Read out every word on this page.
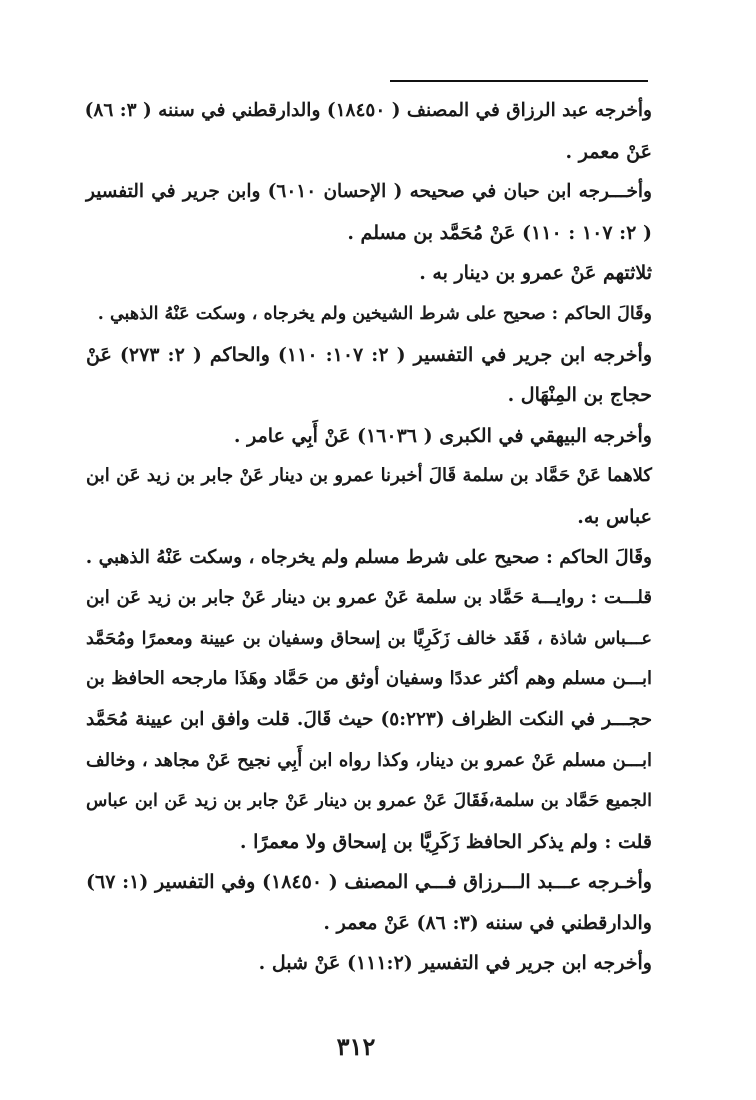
وأخرجه عبد الرزاق في المصنف ( ١٨٤٥٠) والدارقطني في سننه ( ٣: ٨٦)
عَنْ معمر .
وأخـــرجه ابن حبان في صحيحه ( الإحسان ٦٠١٠) وابن جرير في التفسير
( ٢: ١٠٧ : ١١٠) عَنْ مُحَمَّد بن مسلم .
ثلاثتهم عَنْ عمرو بن دينار به .
وقَالَ الحاكم : صحيح على شرط الشيخين ولم يخرجاه ، وسكت عَنْهُ الذهبي .
وأخرجه ابن جرير في التفسير ( ٢: ١٠٧: ١١٠) والحاكم ( ٢: ٢٧٣) عَنْ
حجاج بن المِنْهَال .
وأخرجه البيهقي في الكبرى ( ١٦٠٣٦) عَنْ أَبِي عامر .
كلاهما عَنْ حَمَّاد بن سلمة قَالَ أخبرنا عمرو بن دينار عَنْ جابر بن زيد عَن ابن
عباس به.
وقَالَ الحاكم : صحيح على شرط مسلم ولم يخرجاه ، وسكت عَنْهُ الذهبي .
قلـــت : روايـــة حَمَّاد بن سلمة عَنْ عمرو بن دينار عَنْ جابر بن زيد عَن ابن
عـــباس شاذة ، فَقَد خالف زَكَرِيَّا بن إسحاق وسفيان بن عيينة ومعمرًا ومُحَمَّد
ابـــن مسلم وهم أكثر عددًا وسفيان أوثق من حَمَّاد وهَذَا مارجحه الحافظ بن
حجـــر في النكت الظراف (٥:٢٢٣) حيث قَالَ. قلت وافق ابن عيينة مُحَمَّد
ابـــن مسلم عَنْ عمرو بن دينار، وكذا رواه ابن أَبِي نجيح عَنْ مجاهد ، وخالف
الجميع حَمَّاد بن سلمة،فَقَالَ عَنْ عمرو بن دينار عَنْ جابر بن زيد عَن ابن عباس
قلت : ولم يذكر الحافظ زَكَرِيَّا بن إسحاق ولا معمرًا .
وأخـرجه عـــبد الـــرزاق فـــي المصنف ( ١٨٤٥٠) وفي التفسير (١: ٦٧)
والدارقطني في سننه (٣: ٨٦) عَنْ معمر .
وأخرجه ابن جرير في التفسير (١١١:٢) عَنْ شبل .
٣١٢
